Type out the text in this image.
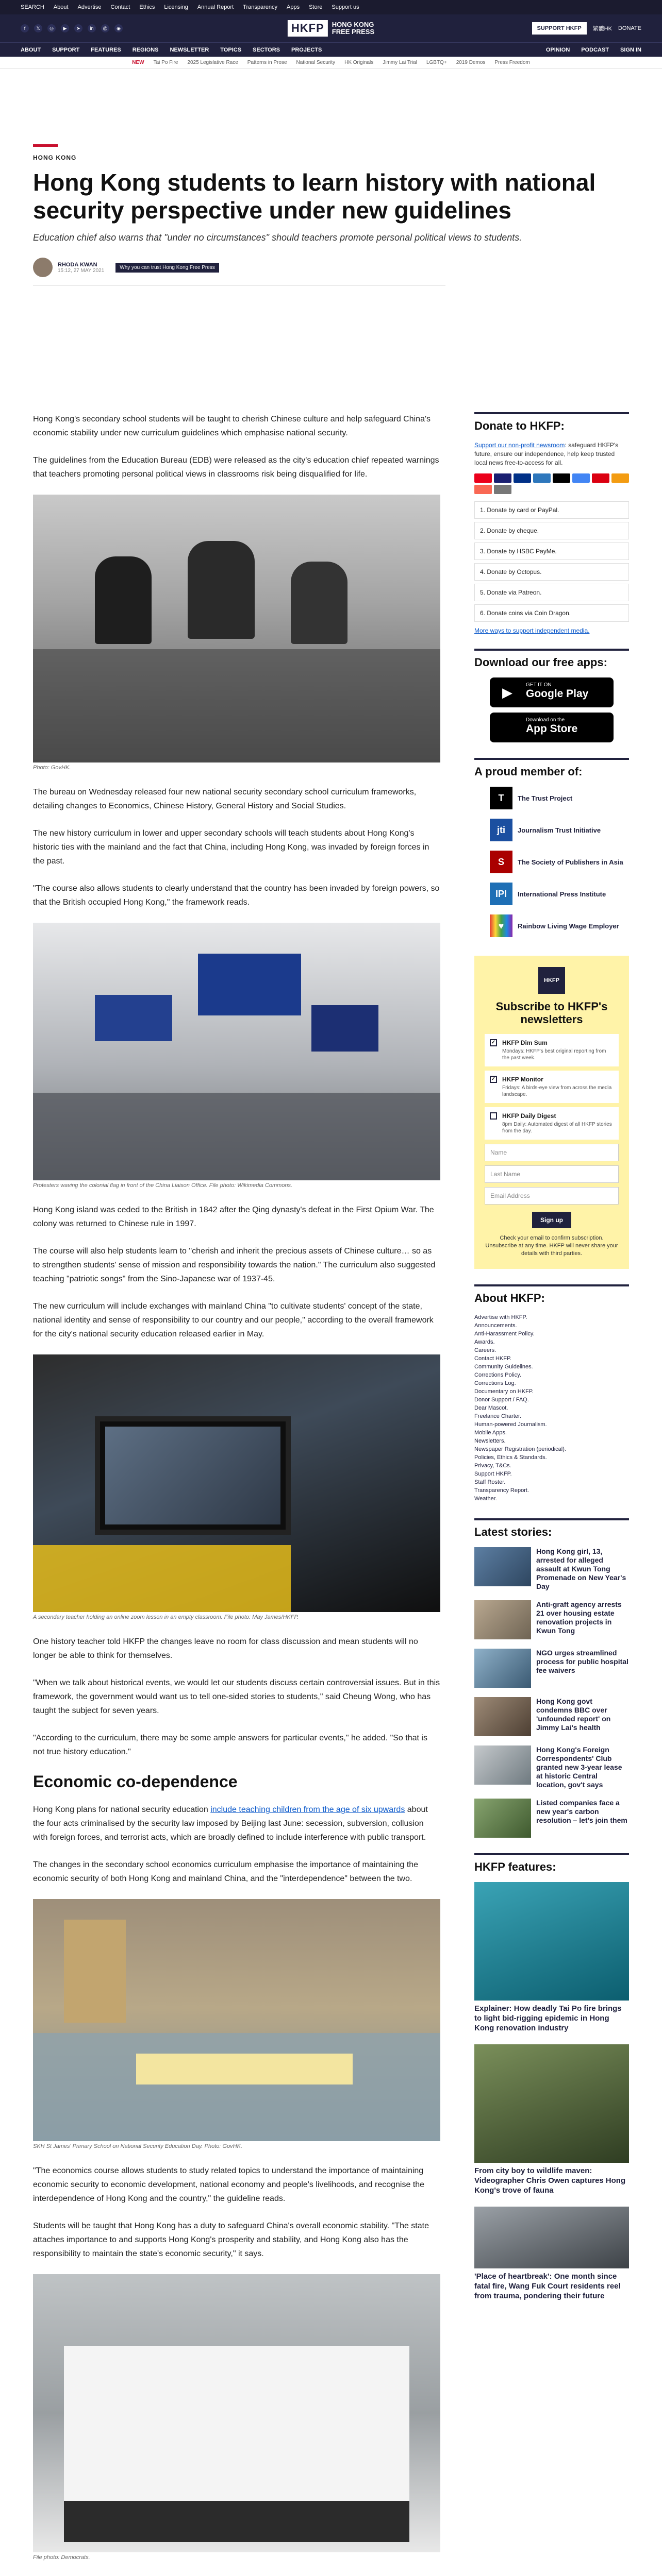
SEARCH About Advertise Contact Ethics Licensing Annual Report Transparency Apps Store Support us
f	𝕏	◎	▶	➤	in	@	◉	HKFP	HONG KONG
FREE PRESS	SUPPORT HKFP	繁體HK DONATE
ABOUT SUPPORT FEATURES REGIONS NEWSLETTER TOPICS SECTORS PROJECTS	OPINION PODCAST SIGN IN
NEW Tai Po Fire 2025 Legislative Race Patterns in Prose National Security HK Originals Jimmy Lai Trial LGBTQ+ 2019 Demos Press Freedom
HONG KONG
Hong Kong students to learn history with national security perspective under new guidelines
Education chief also warns that "under no circumstances" should teachers promote personal political views to students.
RHODA KWAN
15:12, 27 MAY 2021
Why you can trust Hong Kong Free Press

Hong Kong's secondary school students will be taught to cherish Chinese culture and help safeguard China's economic stability under new curriculum guidelines which emphasise national security.

The guidelines from the Education Bureau (EDB) were released as the city's education chief repeated warnings that teachers promoting personal political views in classrooms risk being disqualified for life.

Photo: GovHK.

The bureau on Wednesday released four new national security secondary school curriculum frameworks, detailing changes to Economics, Chinese History, General History and Social Studies.

The new history curriculum in lower and upper secondary schools will teach students about Hong Kong's historic ties with the mainland and the fact that China, including Hong Kong, was invaded by foreign forces in the past.

"The course also allows students to clearly understand that the country has been invaded by foreign powers, so that the British occupied Hong Kong," the framework reads.

Protesters waving the colonial flag in front of the China Liaison Office. File photo: Wikimedia Commons.

Hong Kong island was ceded to the British in 1842 after the Qing dynasty's defeat in the First Opium War. The colony was returned to Chinese rule in 1997.

The course will also help students learn to "cherish and inherit the precious assets of Chinese culture… so as to strengthen students' sense of mission and responsibility towards the nation." The curriculum also suggested teaching "patriotic songs" from the Sino-Japanese war of 1937-45.

The new curriculum will include exchanges with mainland China "to cultivate students' concept of the state, national identity and sense of responsibility to our country and our people," according to the overall framework for the city's national security education released earlier in May.

A secondary teacher holding an online zoom lesson in an empty classroom. File photo: May James/HKFP.

One history teacher told HKFP the changes leave no room for class discussion and mean students will no longer be able to think for themselves.

"When we talk about historical events, we would let our students discuss certain controversial issues. But in this framework, the government would want us to tell one-sided stories to students," said Cheung Wong, who has taught the subject for seven years.

"According to the curriculum, there may be some ample answers for particular events," he added. "So that is not true history education."

Economic co-dependence

Hong Kong plans for national security education include teaching children from the age of six upwards about the four acts criminalised by the security law imposed by Beijing last June: secession, subversion, collusion with foreign forces, and terrorist acts, which are broadly defined to include interference with public transport.

The changes in the secondary school economics curriculum emphasise the importance of maintaining the economic security of both Hong Kong and mainland China, and the "interdependence" between the two.

SKH St James' Primary School on National Security Education Day. Photo: GovHK.

"The economics course allows students to study related topics to understand the importance of maintaining economic security to economic development, national economy and people's livelihoods, and recognise the interdependence of Hong Kong and the country," the guideline reads.

Students will be taught that Hong Kong has a duty to safeguard China's overall economic stability. "The state attaches importance to and supports Hong Kong's prosperity and stability, and Hong Kong also has the responsibility to maintain the state's economic security," it says.

File photo: Democrats.

Donate to HKFP:
Support our non-profit newsroom: safeguard HKFP's future, ensure our independence, help keep trusted local news free-to-access for all.
1. Donate by card or PayPal.
2. Donate by cheque.
3. Donate by HSBC PayMe.
4. Donate by Octopus.
5. Donate via Patreon.
6. Donate coins via Coin Dragon.
More ways to support independent media.
Download our free apps:
▶	GET IT ON
Google Play
Download on the
App Store
A proud member of:
T	The Trust Project
jti	Journalism Trust Initiative
S	The Society of Publishers in Asia
IPI	International Press Institute
♥	Rainbow Living Wage Employer
HKFP
Subscribe to HKFP's newsletters
✓ HKFP Dim Sum
Mondays: HKFP's best original reporting from the past week.
✓ HKFP Monitor
Fridays: A birds-eye view from across the media landscape.
HKFP Daily Digest
8pm Daily: Automated digest of all HKFP stories from the day.
Name
Last Name
Email Address
Sign up
Check your email to confirm subscription. Unsubscribe at any time. HKFP will never share your details with third parties.
About HKFP:
Advertise with HKFP.
Announcements.
Anti-Harassment Policy.
Awards.
Careers.
Contact HKFP.
Community Guidelines.
Corrections Policy.
Corrections Log.
Documentary on HKFP.
Donor Support / FAQ.
Dear Mascot.
Freelance Charter.
Human-powered Journalism.
Mobile Apps.
Newsletters.
Newspaper Registration (periodical).
Policies, Ethics & Standards.
Privacy, T&Cs.
Support HKFP.
Staff Roster.
Transparency Report.
Weather.
Latest stories:
Hong Kong girl, 13, arrested for alleged assault at Kwun Tong Promenade on New Year's Day
Anti-graft agency arrests 21 over housing estate renovation projects in Kwun Tong
NGO urges streamlined process for public hospital fee waivers
Hong Kong govt condemns BBC over 'unfounded report' on Jimmy Lai's health
Hong Kong's Foreign Correspondents' Club granted new 3-year lease at historic Central location, gov't says
Listed companies face a new year's carbon resolution – let's join them
HKFP features:
Explainer: How deadly Tai Po fire brings to light bid-rigging epidemic in Hong Kong renovation industry
From city boy to wildlife maven: Videographer Chris Owen captures Hong Kong's trove of fauna
'Place of heartbreak': One month since fatal fire, Wang Fuk Court residents reel from trauma, pondering their future
